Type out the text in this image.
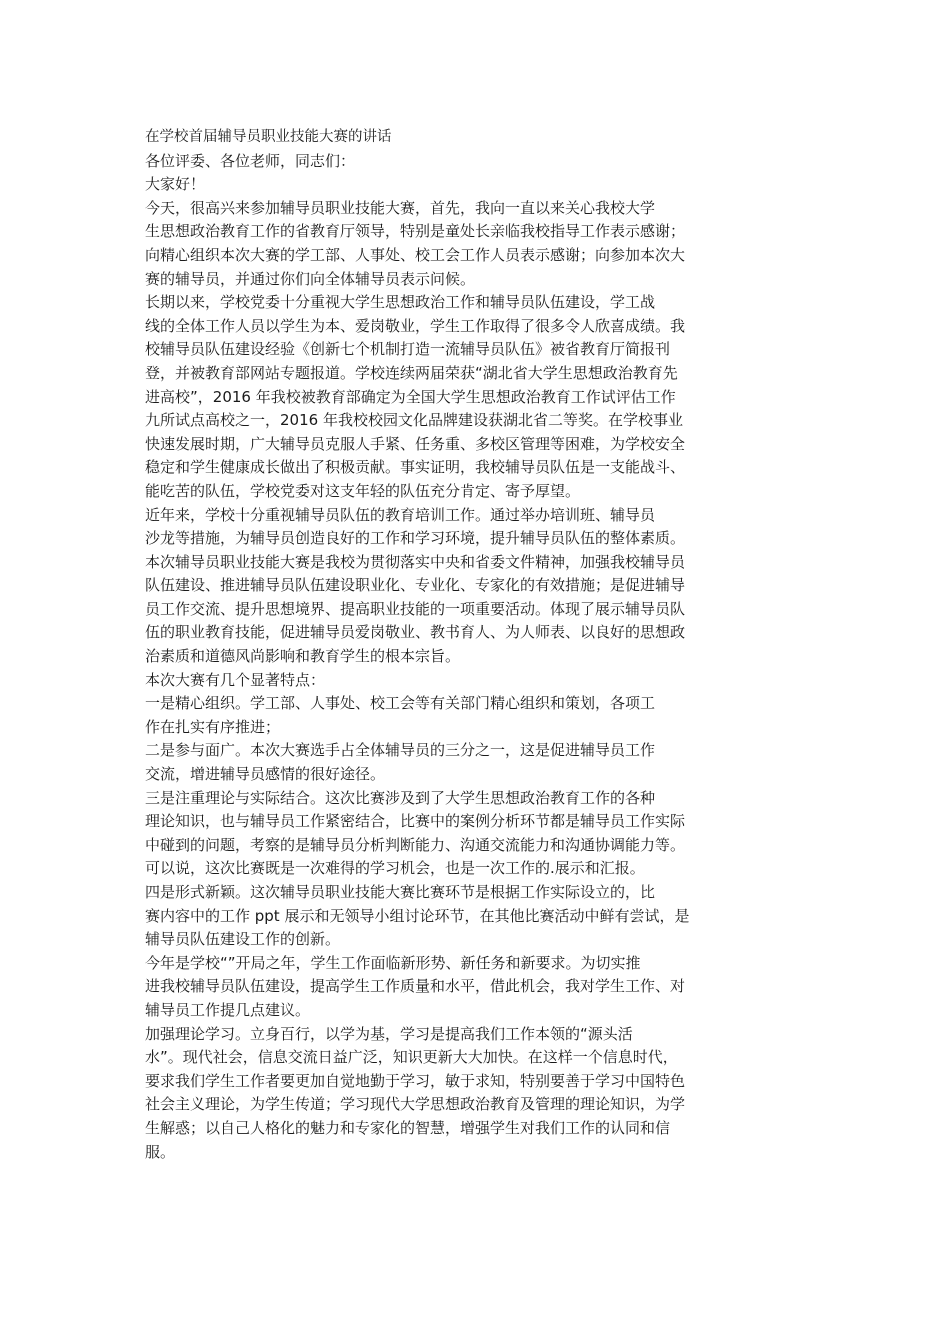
在学校首届辅导员职业技能大赛的讲话
各位评委、各位老师，同志们：
大家好！
今天，很高兴来参加辅导员职业技能大赛，首先，我向一直以来关心我校大学
生思想政治教育工作的省教育厅领导，特别是童处长亲临我校指导工作表示感谢；
向精心组织本次大赛的学工部、人事处、校工会工作人员表示感谢；向参加本次大
赛的辅导员，并通过你们向全体辅导员表示问候。
长期以来，学校党委十分重视大学生思想政治工作和辅导员队伍建设，学工战
线的全体工作人员以学生为本、爱岗敬业，学生工作取得了很多令人欣喜成绩。我
校辅导员队伍建设经验《创新七个机制打造一流辅导员队伍》被省教育厅简报刊
登，并被教育部网站专题报道。学校连续两届荣获“湖北省大学生思想政治教育先
进高校”，2016 年我校被教育部确定为全国大学生思想政治教育工作试评估工作
九所试点高校之一，2016 年我校校园文化品牌建设获湖北省二等奖。在学校事业
快速发展时期，广大辅导员克服人手紧、任务重、多校区管理等困难，为学校安全
稳定和学生健康成长做出了积极贡献。事实证明，我校辅导员队伍是一支能战斗、
能吃苦的队伍，学校党委对这支年轻的队伍充分肯定、寄予厚望。
近年来，学校十分重视辅导员队伍的教育培训工作。通过举办培训班、辅导员
沙龙等措施，为辅导员创造良好的工作和学习环境，提升辅导员队伍的整体素质。
本次辅导员职业技能大赛是我校为贯彻落实中央和省委文件精神，加强我校辅导员
队伍建设、推进辅导员队伍建设职业化、专业化、专家化的有效措施；是促进辅导
员工作交流、提升思想境界、提高职业技能的一项重要活动。体现了展示辅导员队
伍的职业教育技能，促进辅导员爱岗敬业、教书育人、为人师表、以良好的思想政
治素质和道德风尚影响和教育学生的根本宗旨。
本次大赛有几个显著特点：
一是精心组织。学工部、人事处、校工会等有关部门精心组织和策划，各项工
作在扎实有序推进；
二是参与面广。本次大赛选手占全体辅导员的三分之一，这是促进辅导员工作
交流，增进辅导员感情的很好途径。
三是注重理论与实际结合。这次比赛涉及到了大学生思想政治教育工作的各种
理论知识，也与辅导员工作紧密结合，比赛中的案例分析环节都是辅导员工作实际
中碰到的问题，考察的是辅导员分析判断能力、沟通交流能力和沟通协调能力等。
可以说，这次比赛既是一次难得的学习机会，也是一次工作的.展示和汇报。
四是形式新颖。这次辅导员职业技能大赛比赛环节是根据工作实际设立的，比
赛内容中的工作 ppt 展示和无领导小组讨论环节，在其他比赛活动中鲜有尝试，是
辅导员队伍建设工作的创新。
今年是学校“”开局之年，学生工作面临新形势、新任务和新要求。为切实推
进我校辅导员队伍建设，提高学生工作质量和水平，借此机会，我对学生工作、对
辅导员工作提几点建议。
加强理论学习。立身百行，以学为基，学习是提高我们工作本领的“源头活
水”。现代社会，信息交流日益广泛，知识更新大大加快。在这样一个信息时代，
要求我们学生工作者要更加自觉地勤于学习，敏于求知，特别要善于学习中国特色
社会主义理论，为学生传道；学习现代大学思想政治教育及管理的理论知识，为学
生解惑；以自己人格化的魅力和专家化的智慧，增强学生对我们工作的认同和信
服。
